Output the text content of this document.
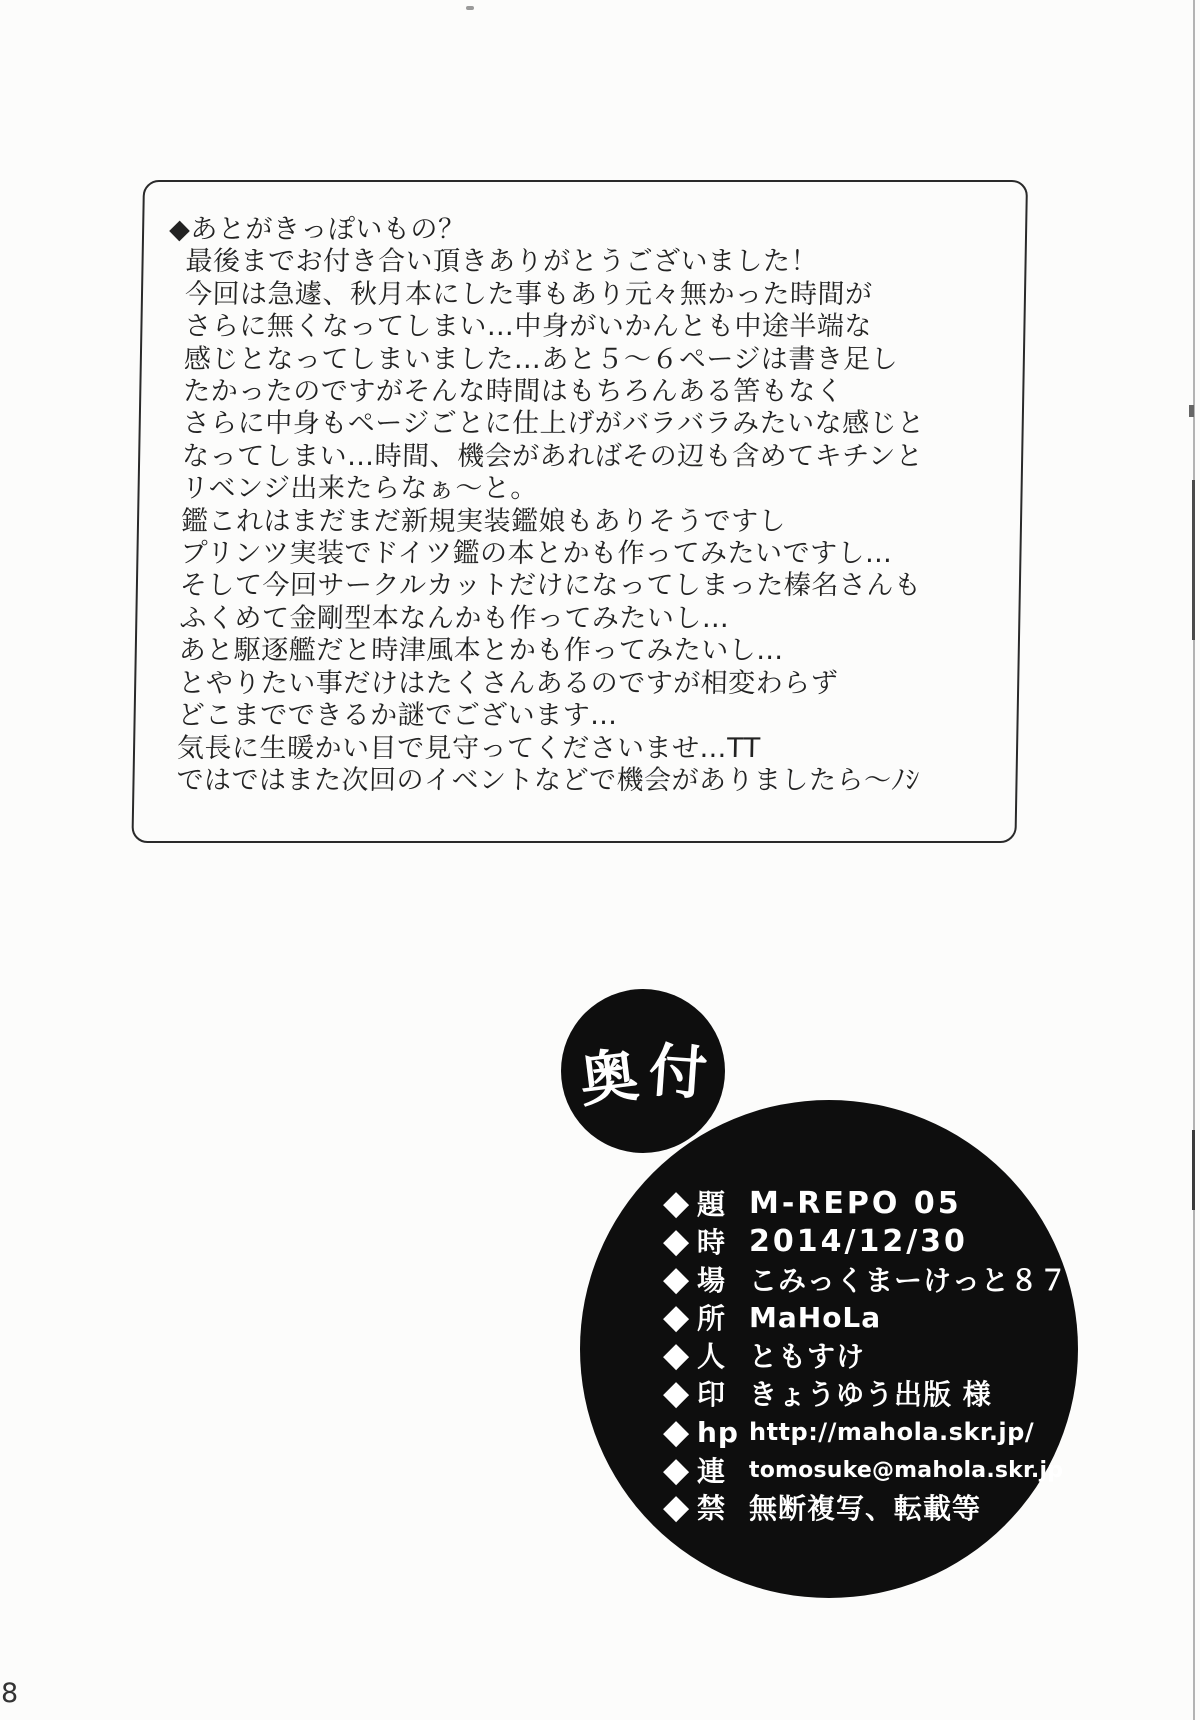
◆あとがきっぽいもの？
最後までお付き合い頂きありがとうございました！
今回は急遽、秋月本にした事もあり元々無かった時間が
さらに無くなってしまい…中身がいかんとも中途半端な
感じとなってしまいました…あと５～６ページは書き足し
たかったのですがそんな時間はもちろんある筈もなく
さらに中身もページごとに仕上げがバラバラみたいな感じと
なってしまい…時間、機会があればその辺も含めてキチンと
リベンジ出来たらなぁ～と。
鑑これはまだまだ新規実装鑑娘もありそうですし
プリンツ実装でドイツ鑑の本とかも作ってみたいですし…
そして今回サークルカットだけになってしまった榛名さんも
ふくめて金剛型本なんかも作ってみたいし…
あと駆逐艦だと時津風本とかも作ってみたいし…
とやりたい事だけはたくさんあるのですが相変わらず
どこまでできるか謎でございます…
気長に生暖かい目で見守ってくださいませ…TT
ではではまた次回のイベントなどで機会がありましたら～ﾉｼ
奥 付
◆ 題 M-REPO 05
◆ 時 2014/12/30
◆ 場 こみっくまーけっと８７
◆ 所 MaHoLa
◆ 人 ともすけ
◆ 印 きょうゆう出版 様
◆ hp http://mahola.skr.jp/
◆ 連	tomosuke@mahola.skr.jp
◆ 禁 無断複写、転載等
8
